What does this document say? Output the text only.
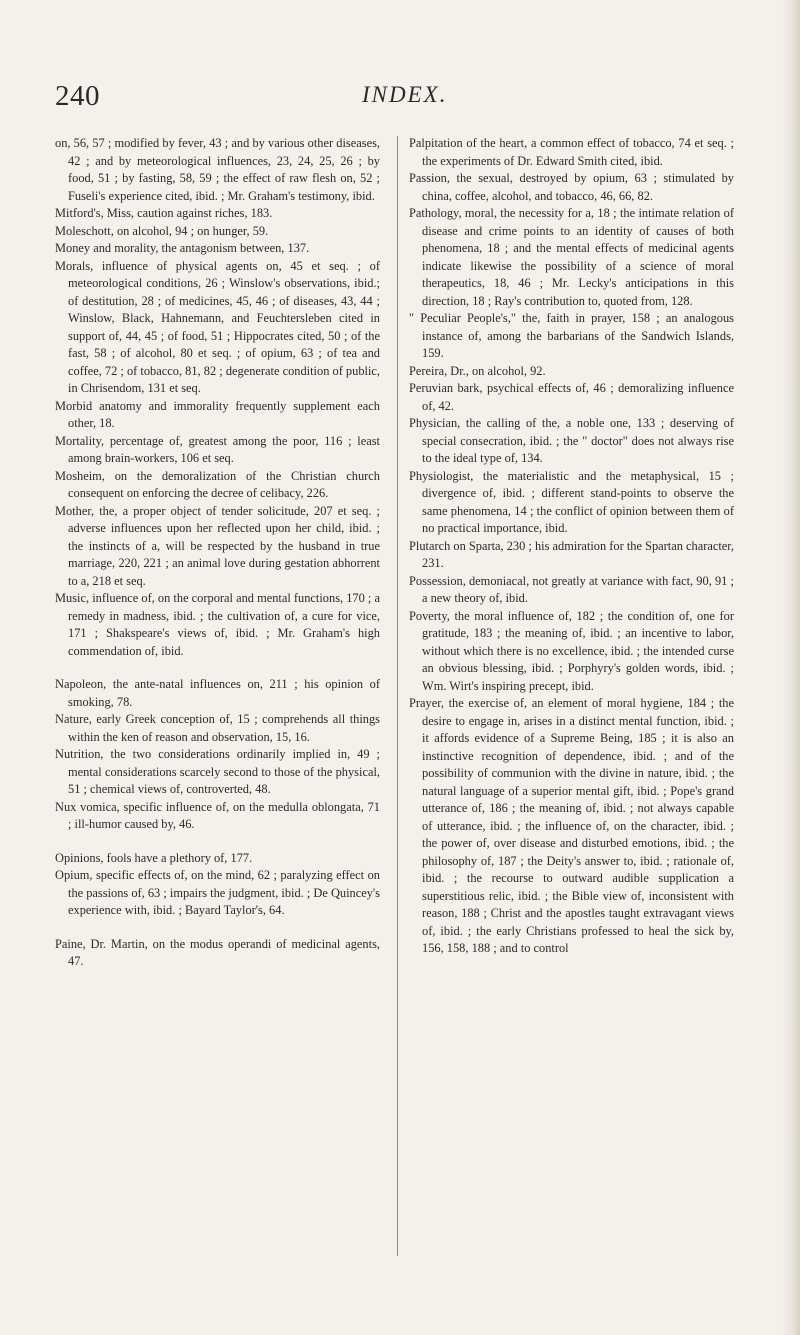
240	INDEX.

on, 56, 57 ; modified by fever, 43 ; and by various other diseases, 42 ; and by meteorological influences, 23, 24, 25, 26 ; by food, 51 ; by fasting, 58, 59 ; the effect of raw flesh on, 52 ; Fuseli's experience cited, ibid. ; Mr. Graham's testimony, ibid.

Mitford's, Miss, caution against riches, 183.

Moleschott, on alcohol, 94 ; on hunger, 59.

Money and morality, the antagonism between, 137.

Morals, influence of physical agents on, 45 et seq. ; of meteorological conditions, 26 ; Winslow's observations, ibid.; of destitution, 28 ; of medicines, 45, 46 ; of diseases, 43, 44 ; Winslow, Black, Hahnemann, and Feuchtersleben cited in support of, 44, 45 ; of food, 51 ; Hippocrates cited, 50 ; of the fast, 58 ; of alcohol, 80 et seq. ; of opium, 63 ; of tea and coffee, 72 ; of tobacco, 81, 82 ; degenerate condition of public, in Chrisendom, 131 et seq.

Morbid anatomy and immorality frequently supplement each other, 18.

Mortality, percentage of, greatest among the poor, 116 ; least among brain-workers, 106 et seq.

Mosheim, on the demoralization of the Christian church consequent on enforcing the decree of celibacy, 226.

Mother, the, a proper object of tender solicitude, 207 et seq. ; adverse influences upon her reflected upon her child, ibid. ; the instincts of a, will be respected by the husband in true marriage, 220, 221 ; an animal love during gestation abhorrent to a, 218 et seq.

Music, influence of, on the corporal and mental functions, 170 ; a remedy in madness, ibid. ; the cultivation of, a cure for vice, 171 ; Shakspeare's views of, ibid. ; Mr. Graham's high commendation of, ibid.

Napoleon, the ante-natal influences on, 211 ; his opinion of smoking, 78.

Nature, early Greek conception of, 15 ; comprehends all things within the ken of reason and observation, 15, 16.

Nutrition, the two considerations ordinarily implied in, 49 ; mental considerations scarcely second to those of the physical, 51 ; chemical views of, controverted, 48.

Nux vomica, specific influence of, on the medulla oblongata, 71 ; ill-humor caused by, 46.

Opinions, fools have a plethory of, 177.

Opium, specific effects of, on the mind, 62 ; paralyzing effect on the passions of, 63 ; impairs the judgment, ibid. ; De Quincey's experience with, ibid. ; Bayard Taylor's, 64.

Paine, Dr. Martin, on the modus operandi of medicinal agents, 47.

Palpitation of the heart, a common effect of tobacco, 74 et seq. ; the experiments of Dr. Edward Smith cited, ibid.

Passion, the sexual, destroyed by opium, 63 ; stimulated by china, coffee, alcohol, and tobacco, 46, 66, 82.

Pathology, moral, the necessity for a, 18 ; the intimate relation of disease and crime points to an identity of causes of both phenomena, 18 ; and the mental effects of medicinal agents indicate likewise the possibility of a science of moral therapeutics, 18, 46 ; Mr. Lecky's anticipations in this direction, 18 ; Ray's contribution to, quoted from, 128.

" Peculiar People's," the, faith in prayer, 158 ; an analogous instance of, among the barbarians of the Sandwich Islands, 159.

Pereira, Dr., on alcohol, 92.

Peruvian bark, psychical effects of, 46 ; demoralizing influence of, 42.

Physician, the calling of the, a noble one, 133 ; deserving of special consecration, ibid. ; the " doctor" does not always rise to the ideal type of, 134.

Physiologist, the materialistic and the metaphysical, 15 ; divergence of, ibid. ; different stand-points to observe the same phenomena, 14 ; the conflict of opinion between them of no practical importance, ibid.

Plutarch on Sparta, 230 ; his admiration for the Spartan character, 231.

Possession, demoniacal, not greatly at variance with fact, 90, 91 ; a new theory of, ibid.

Poverty, the moral influence of, 182 ; the condition of, one for gratitude, 183 ; the meaning of, ibid. ; an incentive to labor, without which there is no excellence, ibid. ; the intended curse an obvious blessing, ibid. ; Porphyry's golden words, ibid. ; Wm. Wirt's inspiring precept, ibid.

Prayer, the exercise of, an element of moral hygiene, 184 ; the desire to engage in, arises in a distinct mental function, ibid. ; it affords evidence of a Supreme Being, 185 ; it is also an instinctive recognition of dependence, ibid. ; and of the possibility of communion with the divine in nature, ibid. ; the natural language of a superior mental gift, ibid. ; Pope's grand utterance of, 186 ; the meaning of, ibid. ; not always capable of utterance, ibid. ; the influence of, on the character, ibid. ; the power of, over disease and disturbed emotions, ibid. ; the philosophy of, 187 ; the Deity's answer to, ibid. ; rationale of, ibid. ; the recourse to outward audible supplication a superstitious relic, ibid. ; the Bible view of, inconsistent with reason, 188 ; Christ and the apostles taught extravagant views of, ibid. ; the early Christians professed to heal the sick by, 156, 158, 188 ; and to control
